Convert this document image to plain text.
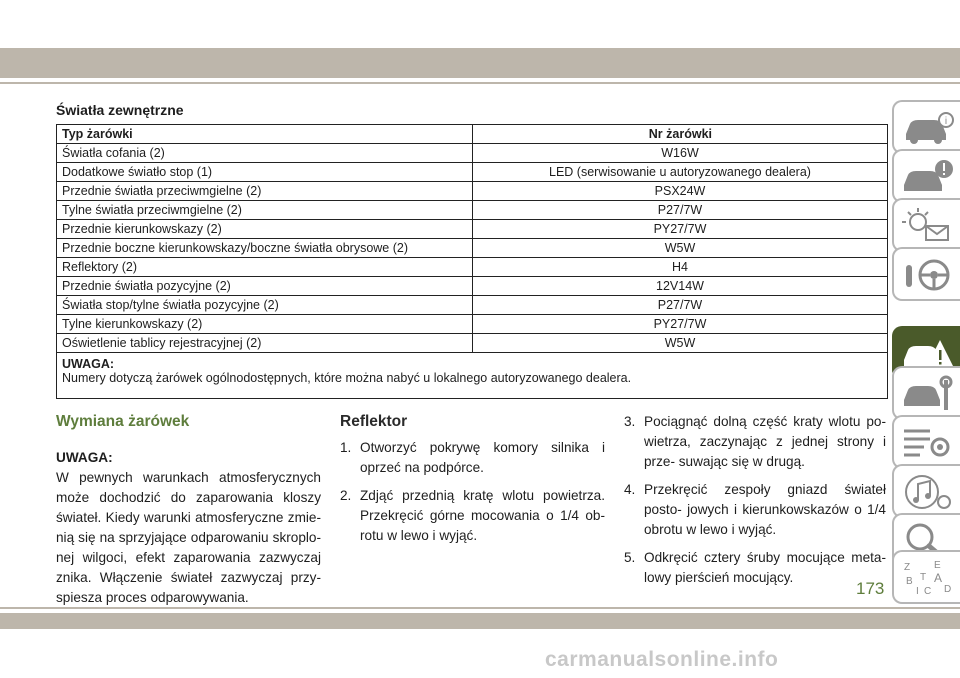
Światła zewnętrzne
Typ żarówki	Nr żarówki
Światła cofania (2)	W16W
Dodatkowe światło stop (1)	LED (serwisowanie u autoryzowanego dealera)
Przednie światła przeciwmgielne (2)	PSX24W
Tylne światła przeciwmgielne (2)	P27/7W
Przednie kierunkowskazy (2)	PY27/7W
Przednie boczne kierunkowskazy/boczne światła obrysowe (2)	W5W
Reflektory (2)	H4
Przednie światła pozycyjne (2)	12V14W
Światła stop/tylne światła pozycyjne (2)	P27/7W
Tylne kierunkowskazy (2)	PY27/7W
Oświetlenie tablicy rejestracyjnej (2)	W5W
UWAGA:
Numery dotyczą żarówek ogólnodostępnych, które można nabyć u lokalnego autoryzowanego dealera.
Wymiana żarówek
UWAGA:
W pewnych warunkach atmosferycznych może dochodzić do zaparowania kloszy świateł. Kiedy warunki atmosferyczne zmie- nią się na sprzyjające odparowaniu skroplo- nej wilgoci, efekt zaparowania zazwyczaj znika. Włączenie świateł zazwyczaj przy- spiesza proces odparowywania.
Reflektor
1. Otworzyć pokrywę komory silnika i oprzeć na podpórce.
2. Zdjąć przednią kratę wlotu powietrza. Przekręcić górne mocowania o 1/4 ob- rotu w lewo i wyjąć.
3. Pociągnąć dolną część kraty wlotu po- wietrza, zaczynając z jednej strony i prze- suwając się w drugą.
4. Przekręcić zespoły gniazd świateł posto- jowych i kierunkowskazów o 1/4 obrotu w lewo i wyjąć.
5. Odkręcić cztery śruby mocujące meta- lowy pierścień mocujący.
173
i
Z E
B A
I C D
T
carmanualsonline.info
